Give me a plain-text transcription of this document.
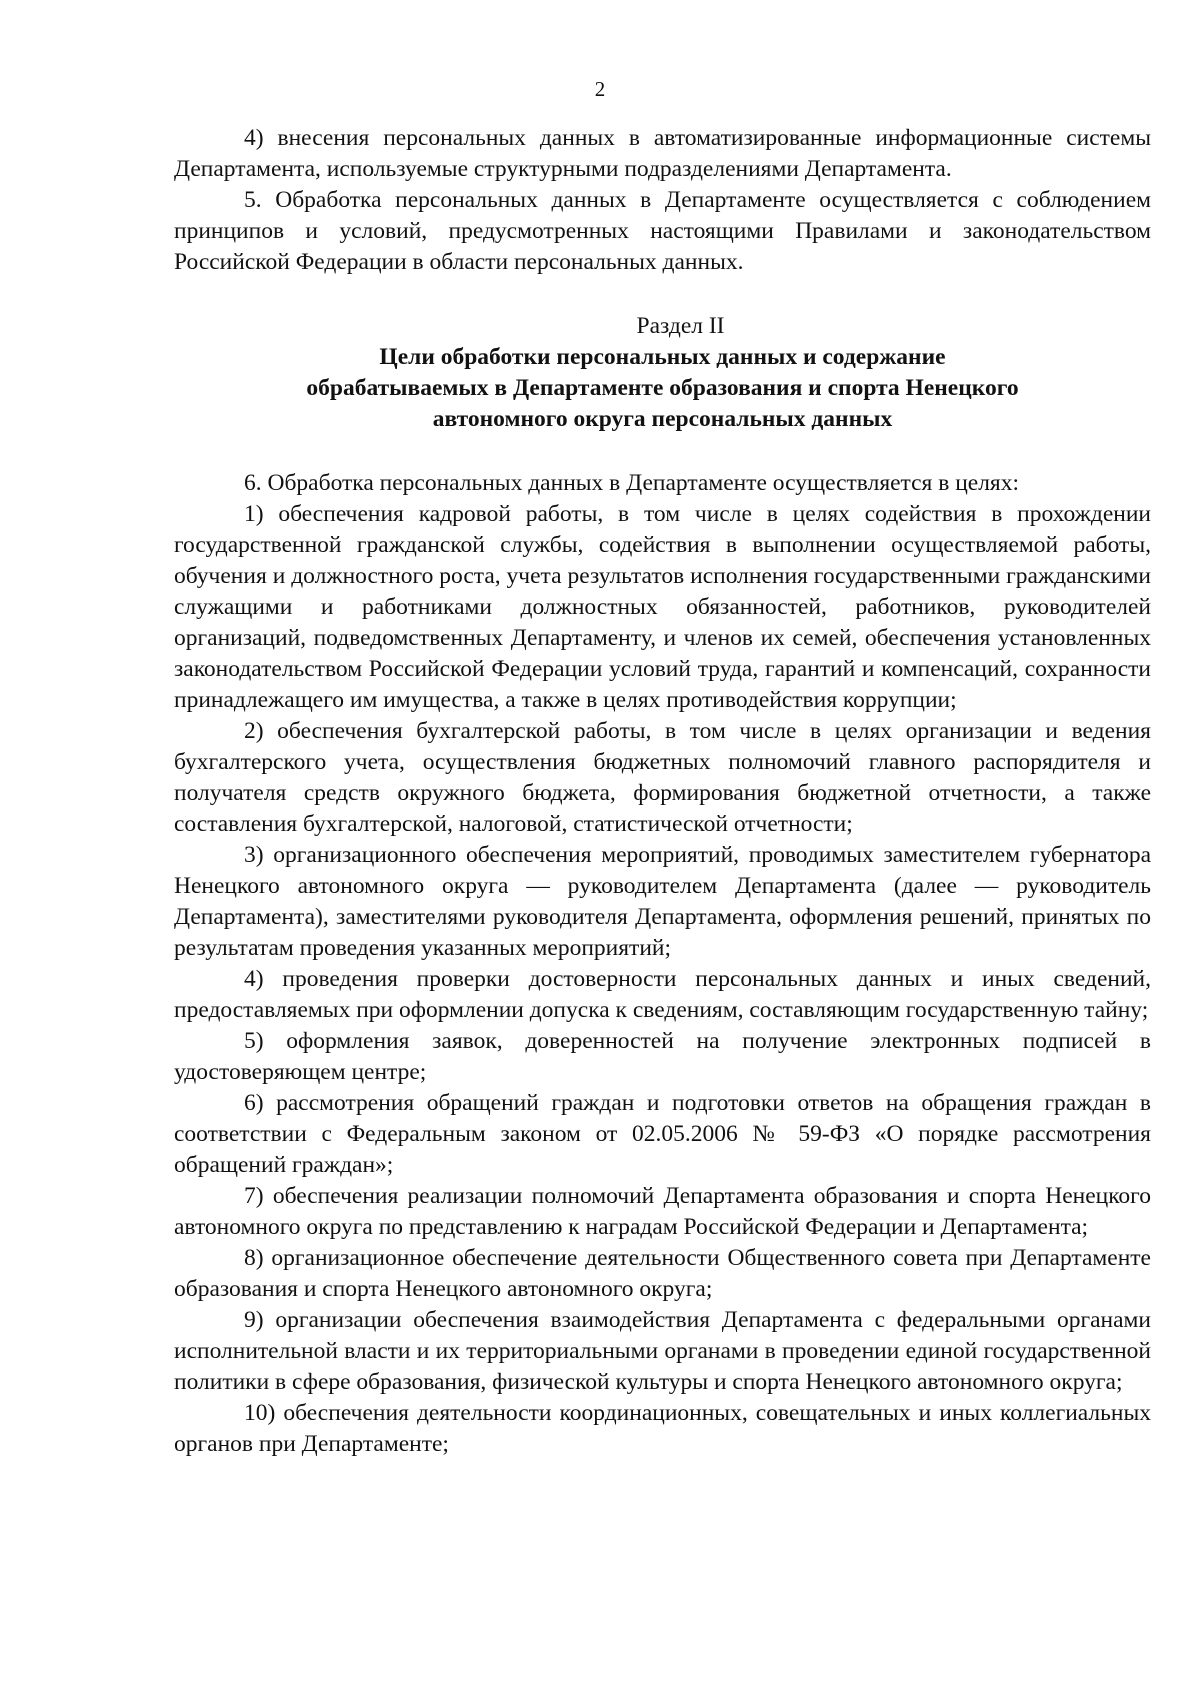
2

4) внесения персональных данных в автоматизированные информационные системы Департамента, используемые структурными подразделениями Департамента.

5. Обработка персональных данных в Департаменте осуществляется с соблюдением принципов и условий, предусмотренных настоящими Правилами и законодательством Российской Федерации в области персональных данных.

Раздел II
Цели обработки персональных данных и содержание обрабатываемых в Департаменте образования и спорта Ненецкого автономного округа персональных данных

6. Обработка персональных данных в Департаменте осуществляется в целях:

1) обеспечения кадровой работы, в том числе в целях содействия в прохождении государственной гражданской службы, содействия в выполнении осуществляемой работы, обучения и должностного роста, учета результатов исполнения государственными гражданскими служащими и работниками должностных обязанностей, работников, руководителей организаций, подведомственных Департаменту, и членов их семей, обеспечения установленных законодательством Российской Федерации условий труда, гарантий и компенсаций, сохранности принадлежащего им имущества, а также в целях противодействия коррупции;

2) обеспечения бухгалтерской работы, в том числе в целях организации и ведения бухгалтерского учета, осуществления бюджетных полномочий главного распорядителя и получателя средств окружного бюджета, формирования бюджетной отчетности, а также составления бухгалтерской, налоговой, статистической отчетности;

3) организационного обеспечения мероприятий, проводимых заместителем губернатора Ненецкого автономного округа — руководителем Департамента (далее — руководитель Департамента), заместителями руководителя Департамента, оформления решений, принятых по результатам проведения указанных мероприятий;

4) проведения проверки достоверности персональных данных и иных сведений, предоставляемых при оформлении допуска к сведениям, составляющим государственную тайну;

5) оформления заявок, доверенностей на получение электронных подписей в удостоверяющем центре;

6) рассмотрения обращений граждан и подготовки ответов на обращения граждан в соответствии с Федеральным законом от 02.05.2006 № 59-ФЗ «О порядке рассмотрения обращений граждан»;

7) обеспечения реализации полномочий Департамента образования и спорта Ненецкого автономного округа по представлению к наградам Российской Федерации и Департамента;

8) организационное обеспечение деятельности Общественного совета при Департаменте образования и спорта Ненецкого автономного округа;

9) организации обеспечения взаимодействия Департамента с федеральными органами исполнительной власти и их территориальными органами в проведении единой государственной политики в сфере образования, физической культуры и спорта Ненецкого автономного округа;

10) обеспечения деятельности координационных, совещательных и иных коллегиальных органов при Департаменте;
